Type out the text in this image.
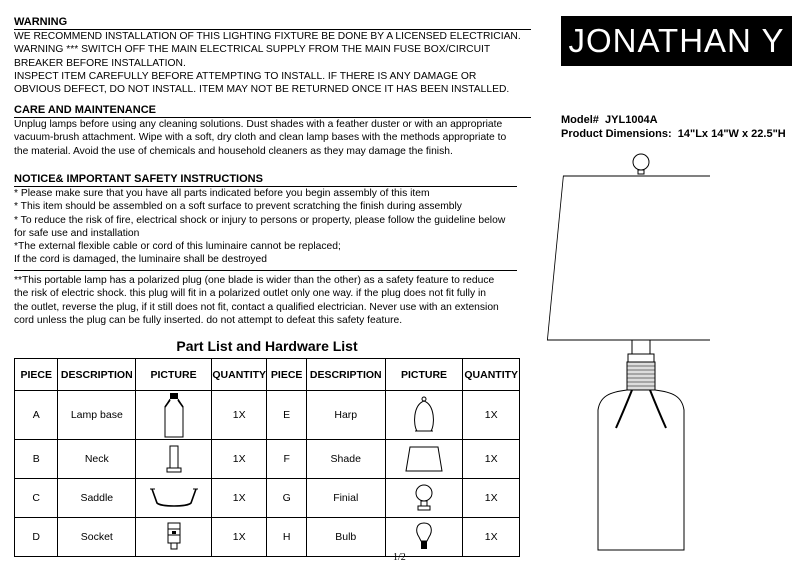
WARNING
WE RECOMMEND INSTALLATION OF THIS LIGHTING FIXTURE BE DONE BY A LICENSED ELECTRICIAN.
WARNING *** SWITCH OFF THE MAIN ELECTRICAL SUPPLY FROM THE MAIN FUSE BOX/CIRCUIT
BREAKER BEFORE INSTALLATION.
INSPECT ITEM CAREFULLY BEFORE ATTEMPTING TO INSTALL. IF THERE IS ANY DAMAGE OR
OBVIOUS DEFECT, DO NOT INSTALL. ITEM MAY NOT BE RETURNED ONCE IT HAS BEEN INSTALLED.
CARE AND MAINTENANCE
Unplug lamps before using any cleaning solutions. Dust shades with a feather duster or with an appropriate
vacuum-brush attachment. Wipe with a soft, dry cloth and clean lamp bases with the methods appropriate to
the material. Avoid the use of chemicals and household cleaners as they may damage the finish.
NOTICE& IMPORTANT SAFETY INSTRUCTIONS
* Please make sure that you have all parts indicated before you begin assembly of this item
* This item should be assembled on a soft surface to prevent scratching the finish during assembly
* To reduce the risk of fire, electrical shock or injury to persons or property, please follow the guideline below
for safe use and installation
*The external flexible cable or cord of this luminaire cannot be replaced;
If the cord is damaged, the luminaire shall be destroyed
**This portable lamp has a polarized plug (one blade is wider than the other) as a safety feature to reduce
the risk of electric shock. this plug will fit in a polarized outlet only one way. if the plug does not fit fully in
the outlet, reverse the plug, if it still does not fit, contact a qualified electrician. Never use with an extension
cord unless the plug can be fully inserted. do not attempt to defeat this safety feature.
JONATHAN Y
Model# JYL1004A
Product Dimensions: 14"Lx 14"W x 22.5"H
Part List and Hardware List
PIECE	DESCRIPTION	PICTURE	QUANTITY	PIECE	DESCRIPTION	PICTURE	QUANTITY
A	Lamp base		1X	E	Harp		1X
B	Neck		1X	F	Shade		1X
C	Saddle		1X	G	Finial		1X
D	Socket		1X	H	Bulb		1X
1/2
